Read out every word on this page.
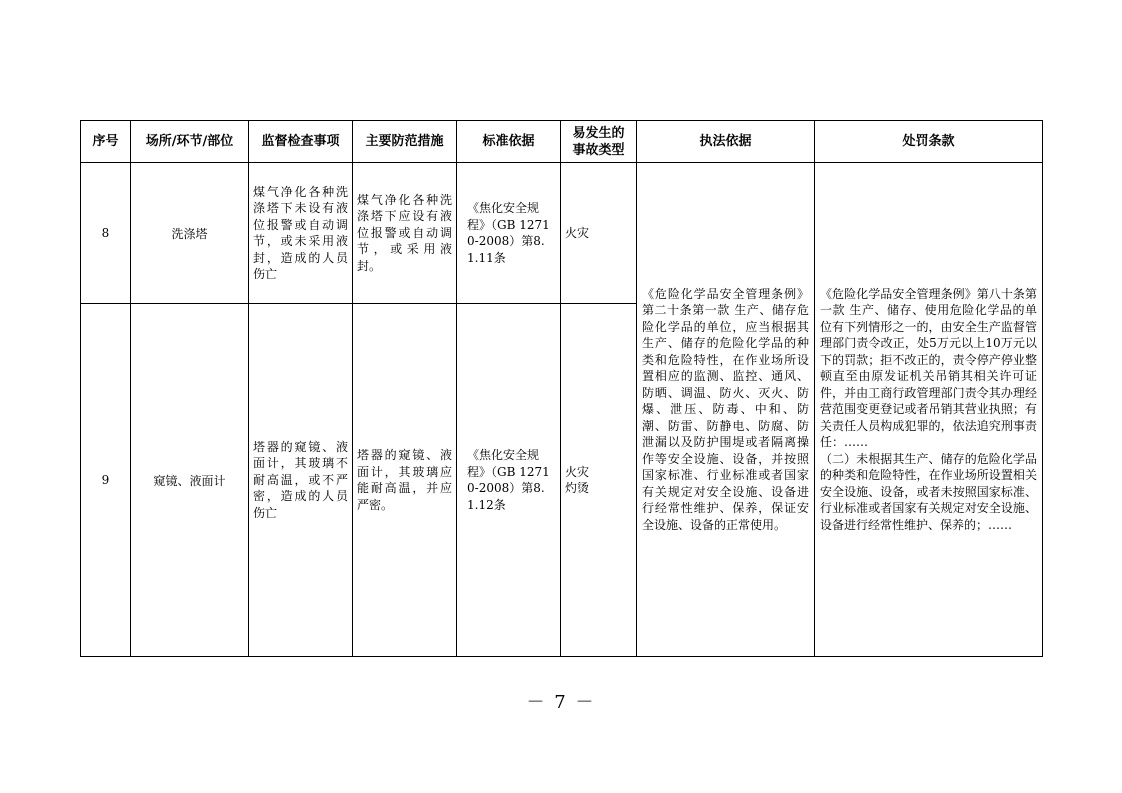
序号	场所/环节/部位	监督检查事项	主要防范措施	标准依据	易发生的
事故类型	执法依据	处罚条款
8	洗涤塔	煤气净化各种洗涤塔下未设有液位报警或自动调节，或未采用液封，造成的人员伤亡	煤气净化各种洗涤塔下应设有液位报警或自动调节，或采用液封。	《焦化安全规程》（GB 12710-2008）第8.1.11条	火灾	《危险化学品安全管理条例》第二十条第一款 生产、储存危险化学品的单位，应当根据其生产、储存的危险化学品的种类和危险特性，在作业场所设置相应的监测、监控、通风、防晒、调温、防火、灭火、防爆、泄压、防毒、中和、防潮、防雷、防静电、防腐、防泄漏以及防护围堤或者隔离操作等安全设施、设备，并按照国家标准、行业标准或者国家有关规定对安全设施、设备进行经常性维护、保养，保证安全设施、设备的正常使用。	《危险化学品安全管理条例》第八十条第一款 生产、储存、使用危险化学品的单位有下列情形之一的，由安全生产监督管理部门责令改正，处5万元以上10万元以下的罚款；拒不改正的，责令停产停业整顿直至由原发证机关吊销其相关许可证件，并由工商行政管理部门责令其办理经营范围变更登记或者吊销其营业执照；有关责任人员构成犯罪的，依法追究刑事责任：……
（二）未根据其生产、储存的危险化学品的种类和危险特性，在作业场所设置相关安全设施、设备，或者未按照国家标准、行业标准或者国家有关规定对安全设施、设备进行经常性维护、保养的；……
9	窥镜、液面计	塔器的窥镜、液面计，其玻璃不耐高温，或不严密，造成的人员伤亡	塔器的窥镜、液面计，其玻璃应能耐高温，并应严密。	《焦化安全规程》（GB 12710-2008）第8.1.12条	火灾
灼烫		
－ 7 －
